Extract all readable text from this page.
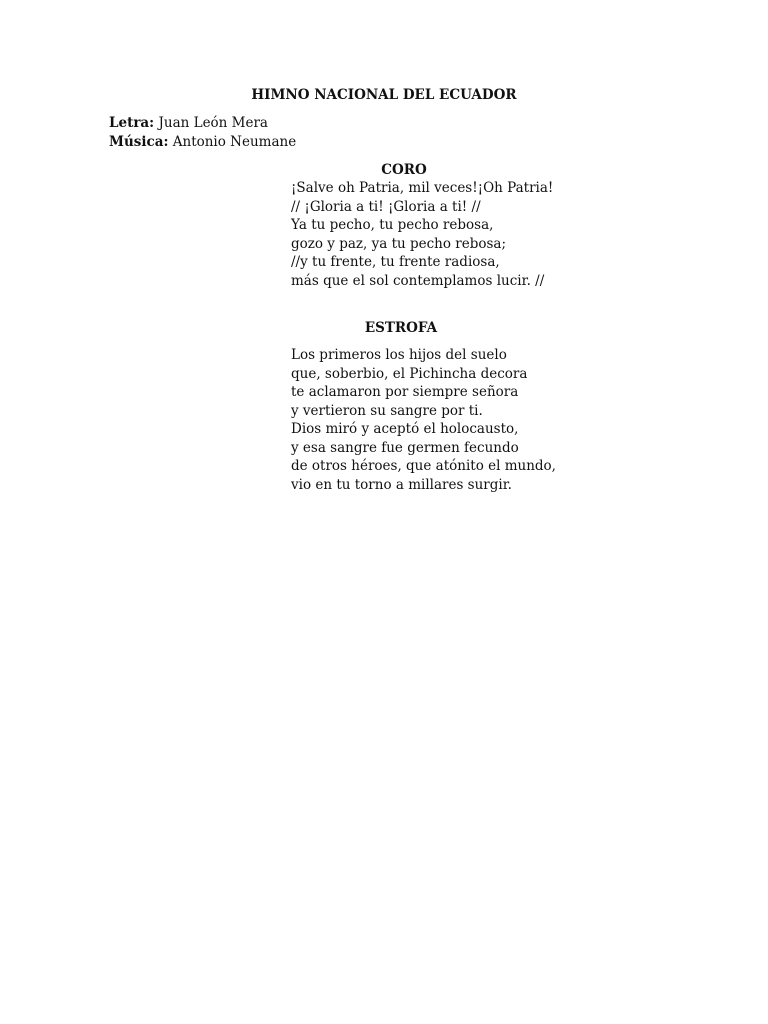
HIMNO NACIONAL DEL ECUADOR
Letra: Juan León Mera
Música: Antonio Neumane
CORO
¡Salve oh Patria, mil veces!¡Oh Patria!
// ¡Gloria a ti! ¡Gloria a ti! //
Ya tu pecho, tu pecho rebosa,
gozo y paz, ya tu pecho rebosa;
//y tu frente, tu frente radiosa,
más que el sol contemplamos lucir. //
ESTROFA
Los primeros los hijos del suelo
que, soberbio, el Pichincha decora
te aclamaron por siempre señora
y vertieron su sangre por ti.
Dios miró y aceptó el holocausto,
y esa sangre fue germen fecundo
de otros héroes, que atónito el mundo,
vio en tu torno a millares surgir.
